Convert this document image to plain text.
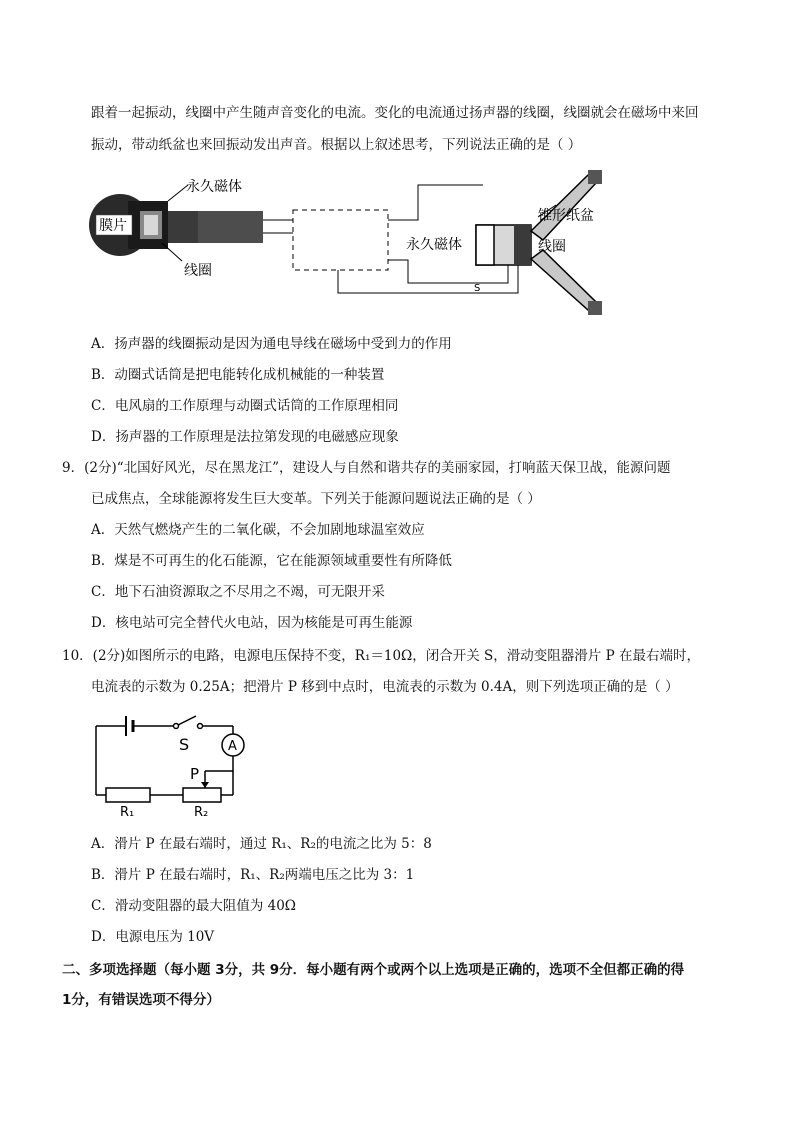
跟着一起振动，线圈中产生随声音变化的电流。变化的电流通过扬声器的线圈，线圈就会在磁场中来回
振动，带动纸盆也来回振动发出声音。根据以上叙述思考，下列说法正确的是（ ）
膜片
永久磁体
线圈
S
永久磁体
锥形纸盆
线圈
A．扬声器的线圈振动是因为通电导线在磁场中受到力的作用
B．动圈式话筒是把电能转化成机械能的一种装置
C．电风扇的工作原理与动圈式话筒的工作原理相同
D．扬声器的工作原理是法拉第发现的电磁感应现象
9．(2分)“北国好风光，尽在黑龙江”，建设人与自然和谐共存的美丽家园，打响蓝天保卫战，能源问题
已成焦点，全球能源将发生巨大变革。下列关于能源问题说法正确的是（ ）
A．天然气燃烧产生的二氧化碳，不会加剧地球温室效应
B．煤是不可再生的化石能源，它在能源领域重要性有所降低
C．地下石油资源取之不尽用之不竭，可无限开采
D．核电站可完全替代火电站，因为核能是可再生能源
10．(2分)如图所示的电路，电源电压保持不变，R₁＝10Ω，闭合开关 S，滑动变阻器滑片 P 在最右端时，
电流表的示数为 0.25A；把滑片 P 移到中点时，电流表的示数为 0.4A，则下列选项正确的是（ ）
S	A
P
R₁	R₂
A．滑片 P 在最右端时，通过 R₁、R₂的电流之比为 5：8
B．滑片 P 在最右端时，R₁、R₂两端电压之比为 3：1
C．滑动变阻器的最大阻值为 40Ω
D．电源电压为 10V
二、多项选择题（每小题 3分，共 9分．每小题有两个或两个以上选项是正确的，选项不全但都正确的得
1分，有错误选项不得分）
